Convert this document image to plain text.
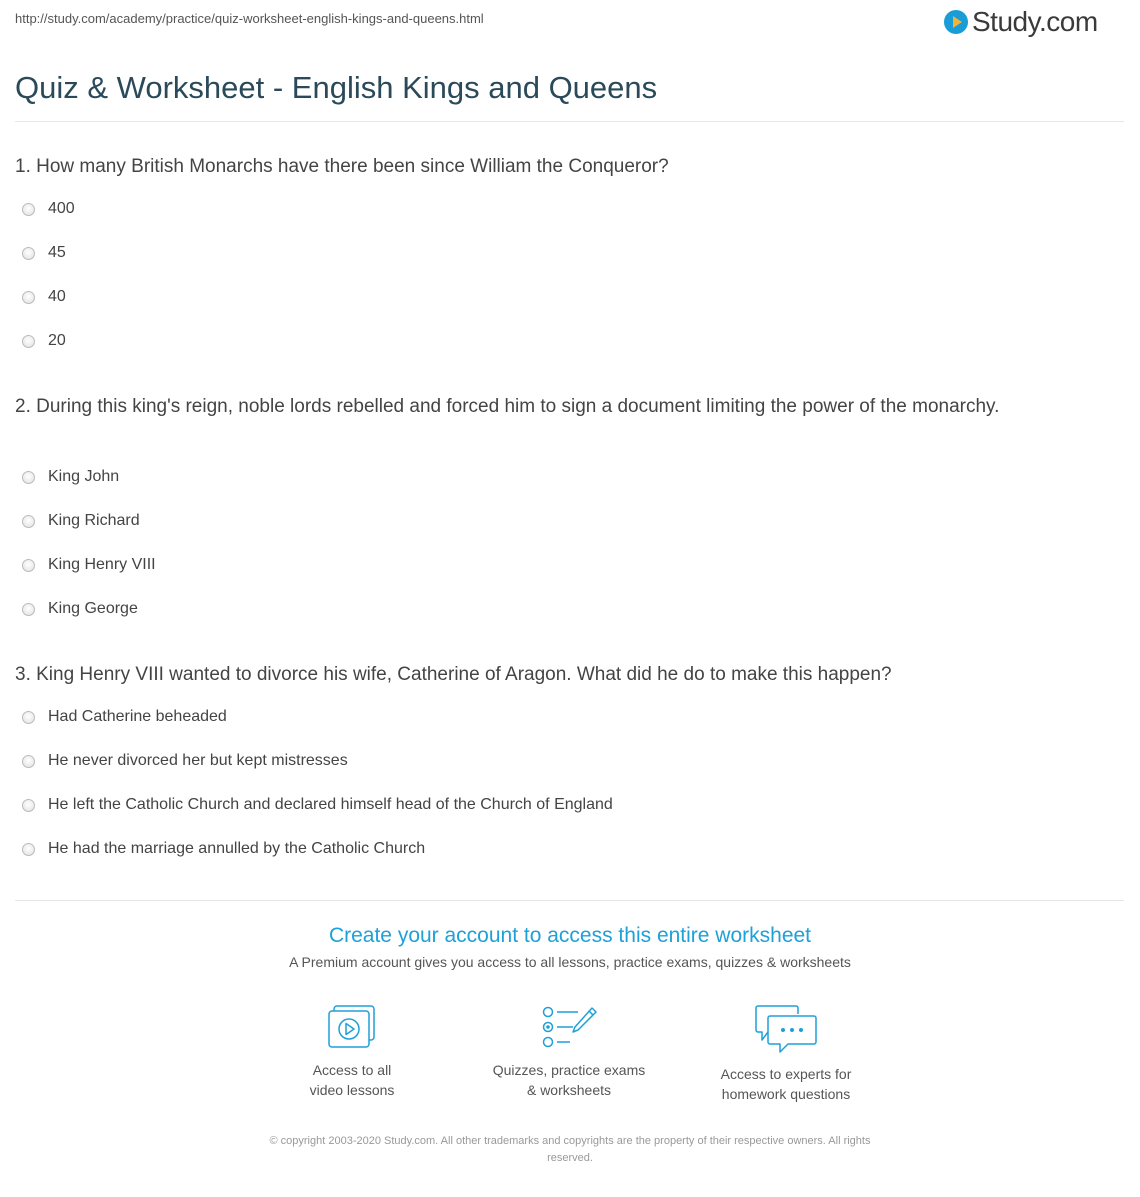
http://study.com/academy/practice/quiz-worksheet-english-kings-and-queens.html	Study.com
Quiz & Worksheet - English Kings and Queens
1. How many British Monarchs have there been since William the Conqueror?
400
45
40
20
2. During this king's reign, noble lords rebelled and forced him to sign a document limiting the power of the monarchy.
King John
King Richard
King Henry VIII
King George
3. King Henry VIII wanted to divorce his wife, Catherine of Aragon. What did he do to make this happen?
Had Catherine beheaded
He never divorced her but kept mistresses
He left the Catholic Church and declared himself head of the Church of England
He had the marriage annulled by the Catholic Church
Create your account to access this entire worksheet
A Premium account gives you access to all lessons, practice exams, quizzes & worksheets
Access to all
video lessons
Quizzes, practice exams
& worksheets
Access to experts for
homework questions
© copyright 2003-2020 Study.com. All other trademarks and copyrights are the property of their respective owners. All rights
reserved.
